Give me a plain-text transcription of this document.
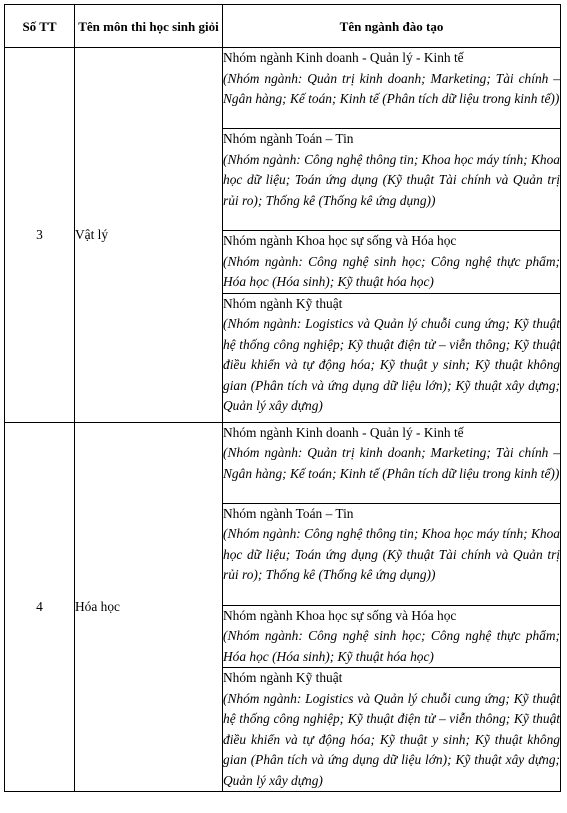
Số TT	Tên môn thi học sinh giỏi	Tên ngành đào tạo
3	Vật lý	Nhóm ngành Kinh doanh - Quản lý - Kinh tế
(Nhóm ngành: Quản trị kinh doanh; Marketing; Tài chính – Ngân hàng; Kế toán; Kinh tế (Phân tích dữ liệu trong kinh tế))

		Nhóm ngành Toán – Tin
(Nhóm ngành: Công nghệ thông tin; Khoa học máy tính; Khoa học dữ liệu; Toán ứng dụng (Kỹ thuật Tài chính và Quản trị rủi ro); Thống kê (Thống kê ứng dụng))

		Nhóm ngành Khoa học sự sống và Hóa học
(Nhóm ngành: Công nghệ sinh học; Công nghệ thực phẩm; Hóa học (Hóa sinh); Kỹ thuật hóa học)

		Nhóm ngành Kỹ thuật
(Nhóm ngành: Logistics và Quản lý chuỗi cung ứng; Kỹ thuật hệ thống công nghiệp; Kỹ thuật điện tử – viễn thông; Kỹ thuật điều khiển và tự động hóa; Kỹ thuật y sinh; Kỹ thuật không gian (Phân tích và ứng dụng dữ liệu lớn); Kỹ thuật xây dựng; Quản lý xây dựng)

4	Hóa học	Nhóm ngành Kinh doanh - Quản lý - Kinh tế
(Nhóm ngành: Quản trị kinh doanh; Marketing; Tài chính – Ngân hàng; Kế toán; Kinh tế (Phân tích dữ liệu trong kinh tế))

		Nhóm ngành Toán – Tin
(Nhóm ngành: Công nghệ thông tin; Khoa học máy tính; Khoa học dữ liệu; Toán ứng dụng (Kỹ thuật Tài chính và Quản trị rủi ro); Thống kê (Thống kê ứng dụng))

		Nhóm ngành Khoa học sự sống và Hóa học
(Nhóm ngành: Công nghệ sinh học; Công nghệ thực phẩm; Hóa học (Hóa sinh); Kỹ thuật hóa học)

		Nhóm ngành Kỹ thuật
(Nhóm ngành: Logistics và Quản lý chuỗi cung ứng; Kỹ thuật hệ thống công nghiệp; Kỹ thuật điện tử – viễn thông; Kỹ thuật điều khiển và tự động hóa; Kỹ thuật y sinh; Kỹ thuật không gian (Phân tích và ứng dụng dữ liệu lớn); Kỹ thuật xây dựng; Quản lý xây dựng)
